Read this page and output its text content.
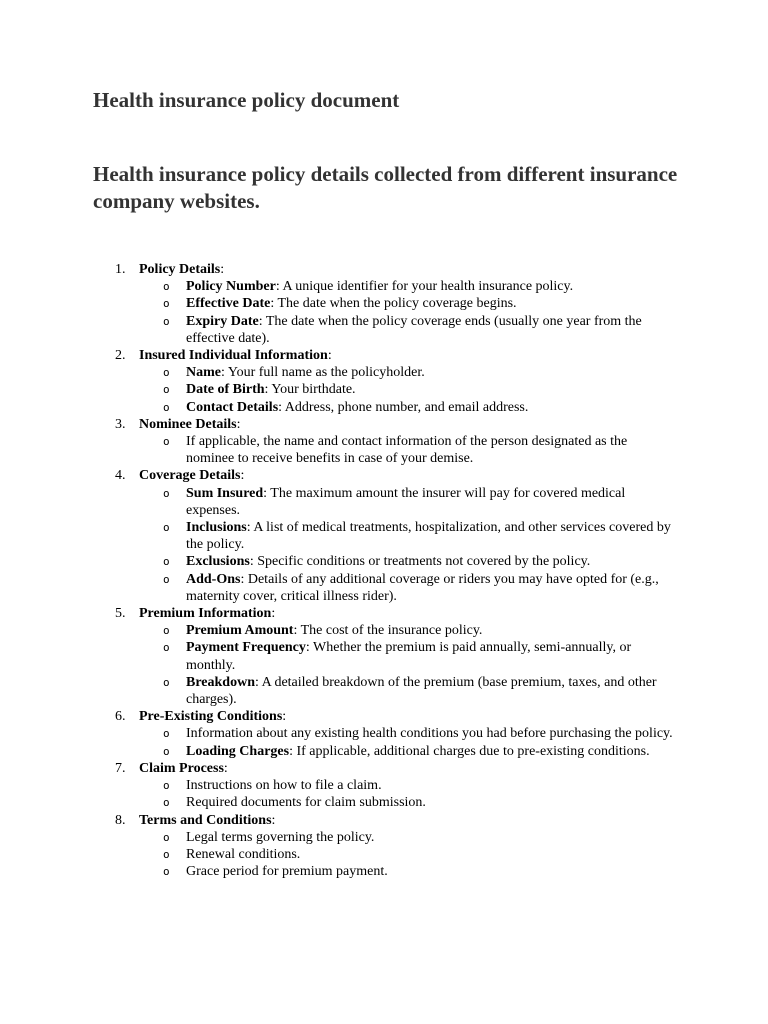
Health insurance policy document
Health insurance policy details collected from different insurance company websites.
1. Policy Details:
o Policy Number: A unique identifier for your health insurance policy.
o Effective Date: The date when the policy coverage begins.
o Expiry Date: The date when the policy coverage ends (usually one year from the effective date).
2. Insured Individual Information:
o Name: Your full name as the policyholder.
o Date of Birth: Your birthdate.
o Contact Details: Address, phone number, and email address.
3. Nominee Details:
o If applicable, the name and contact information of the person designated as the nominee to receive benefits in case of your demise.
4. Coverage Details:
o Sum Insured: The maximum amount the insurer will pay for covered medical expenses.
o Inclusions: A list of medical treatments, hospitalization, and other services covered by the policy.
o Exclusions: Specific conditions or treatments not covered by the policy.
o Add-Ons: Details of any additional coverage or riders you may have opted for (e.g., maternity cover, critical illness rider).
5. Premium Information:
o Premium Amount: The cost of the insurance policy.
o Payment Frequency: Whether the premium is paid annually, semi-annually, or monthly.
o Breakdown: A detailed breakdown of the premium (base premium, taxes, and other charges).
6. Pre-Existing Conditions:
o Information about any existing health conditions you had before purchasing the policy.
o Loading Charges: If applicable, additional charges due to pre-existing conditions.
7. Claim Process:
o Instructions on how to file a claim.
o Required documents for claim submission.
8. Terms and Conditions:
o Legal terms governing the policy.
o Renewal conditions.
o Grace period for premium payment.
